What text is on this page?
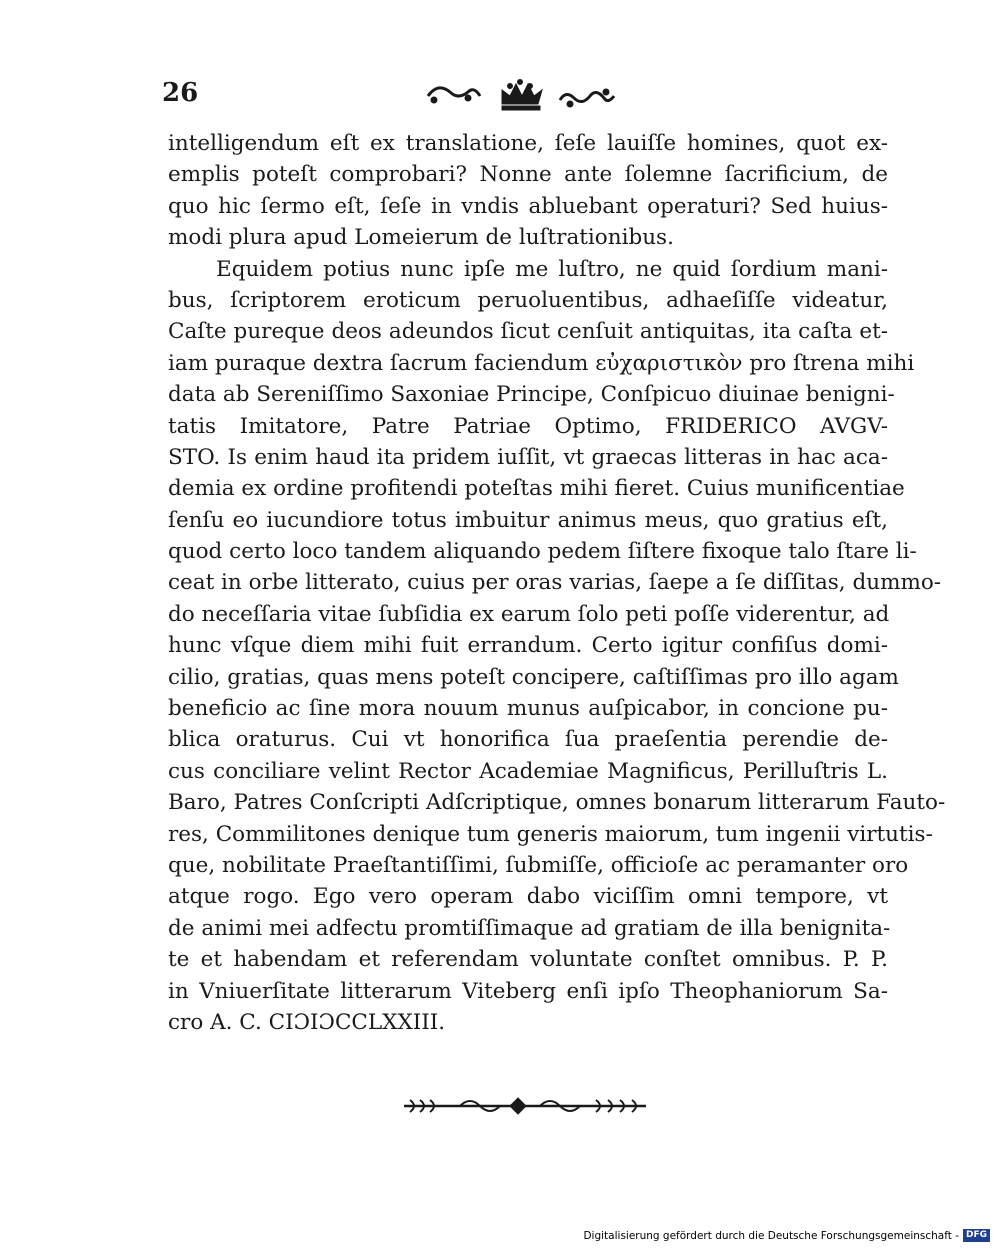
26
intelligendum eſt ex translatione, ſeſe lauiſſe homines, quot ex-
emplis poteſt comprobari? Nonne ante ſolemne ſacrificium, de
quo hic ſermo eſt, ſeſe in vndis abluebant operaturi? Sed huius-
modi plura apud Lomeierum de luſtrationibus.
Equidem potius nunc ipſe me luſtro, ne quid ſordium mani-
bus, ſcriptorem eroticum peruoluentibus, adhaeſiſſe videatur,
Caſte pureque deos adeundos ſicut cenſuit antiquitas, ita caſta et-
iam puraque dextra ſacrum faciendum εὐχαριστικὸν pro ſtrena mihi
data ab Sereniſſimo Saxoniae Principe, Conſpicuo diuinae benigni-
tatis Imitatore, Patre Patriae Optimo, FRIDERICO AVGV-
STO. Is enim haud ita pridem iuſſit, vt graecas litteras in hac aca-
demia ex ordine profitendi poteſtas mihi fieret. Cuius munificentiae
ſenſu eo iucundiore totus imbuitur animus meus, quo gratius eſt,
quod certo loco tandem aliquando pedem ſiſtere fixoque talo ſtare li-
ceat in orbe litterato, cuius per oras varias, ſaepe a ſe diſſitas, dummo-
do neceſſaria vitae ſubſidia ex earum ſolo peti poſſe viderentur, ad
hunc vſque diem mihi fuit errandum. Certo igitur confiſus domi-
cilio, gratias, quas mens poteſt concipere, caſtiſſimas pro illo agam
beneficio ac ſine mora nouum munus auſpicabor, in concione pu-
blica oraturus. Cui vt honorifica ſua praeſentia perendie de-
cus conciliare velint Rector Academiae Magnificus, Perilluſtris L.
Baro, Patres Conſcripti Adſcriptique, omnes bonarum litterarum Fauto-
res, Commilitones denique tum generis maiorum, tum ingenii virtutis-
que, nobilitate Praeſtantiſſimi, ſubmiſſe, officioſe ac peramanter oro
atque rogo. Ego vero operam dabo viciſſim omni tempore, vt
de animi mei adfectu promtiſſimaque ad gratiam de illa benignita-
te et habendam et referendam voluntate conſtet omnibus. P. P.
in Vniuerſitate litterarum Viteberg enſi ipſo Theophaniorum Sa-
cro A. C. CIƆIƆCCLXXIII.
Digitalisierung gefördert durch die Deutsche Forschungsgemeinschaft - DFG
